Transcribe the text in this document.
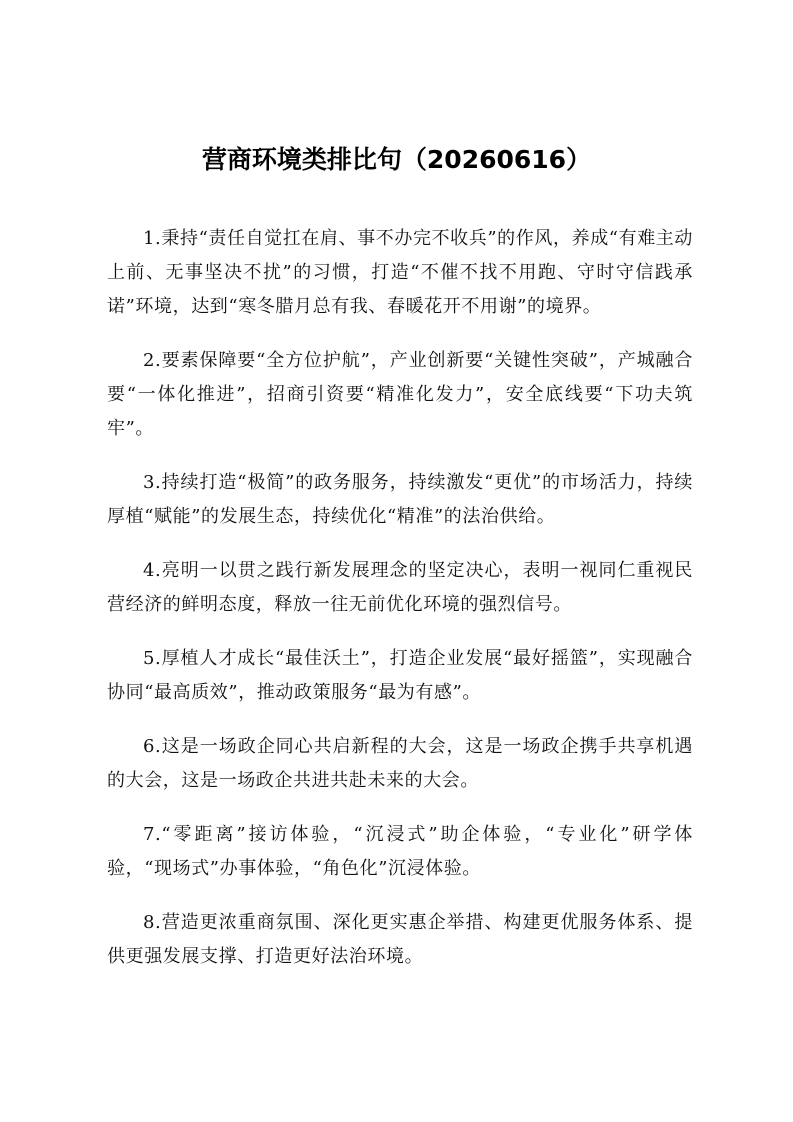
营商环境类排比句（20260616）

1.秉持“责任自觉扛在肩、事不办完不收兵”的作风，养成“有难主动上前、无事坚决不扰”的习惯，打造“不催不找不用跑、守时守信践承诺”环境，达到“寒冬腊月总有我、春暖花开不用谢”的境界。

2.要素保障要“全方位护航”，产业创新要“关键性突破”，产城融合要“一体化推进”，招商引资要“精准化发力”，安全底线要“下功夫筑牢”。

3.持续打造“极简”的政务服务，持续激发“更优”的市场活力，持续厚植“赋能”的发展生态，持续优化“精准”的法治供给。

4.亮明一以贯之践行新发展理念的坚定决心，表明一视同仁重视民营经济的鲜明态度，释放一往无前优化环境的强烈信号。

5.厚植人才成长“最佳沃土”，打造企业发展“最好摇篮”，实现融合协同“最高质效”，推动政策服务“最为有感”。

6.这是一场政企同心共启新程的大会，这是一场政企携手共享机遇的大会，这是一场政企共进共赴未来的大会。

7.“零距离”接访体验，“沉浸式”助企体验，“专业化”研学体验，“现场式”办事体验，“角色化”沉浸体验。

8.营造更浓重商氛围、深化更实惠企举措、构建更优服务体系、提供更强发展支撑、打造更好法治环境。
